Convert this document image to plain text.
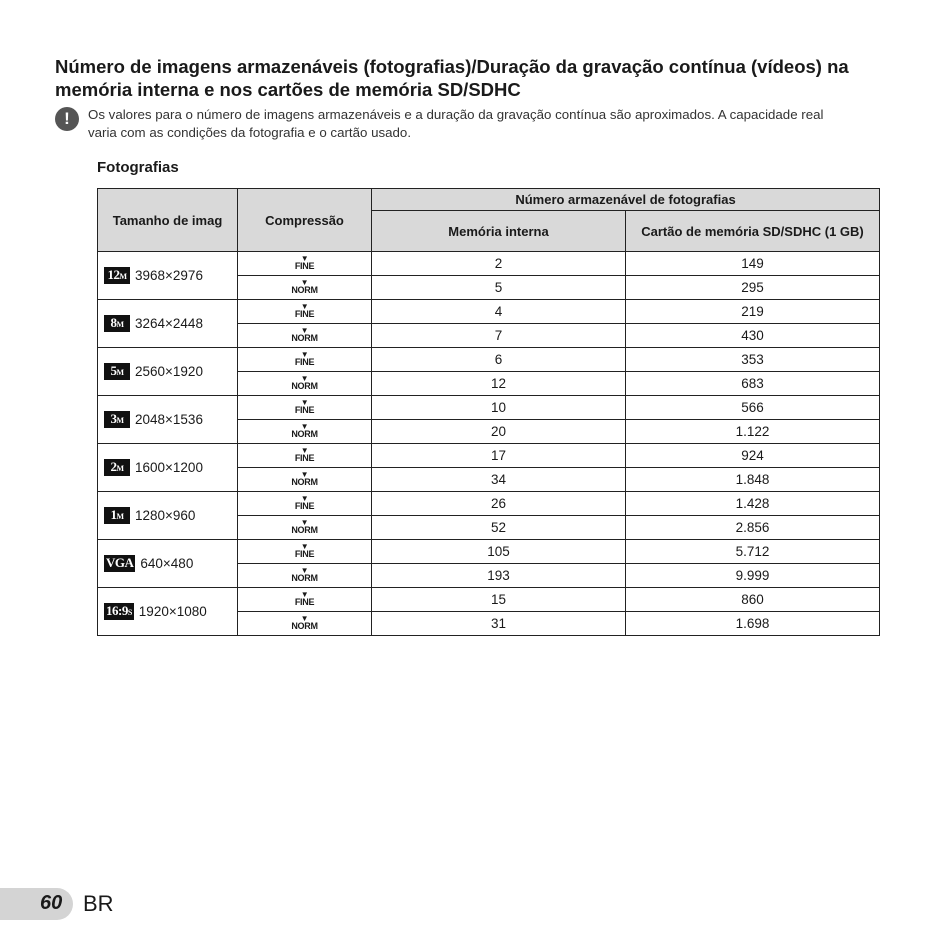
Número de imagens armazenáveis (fotografias)/Duração da gravação contínua (vídeos) na memória interna e nos cartões de memória SD/SDHC
!	Os valores para o número de imagens armazenáveis e a duração da gravação contínua são aproximados. A capacidade real varia com as condições da fotografia e o cartão usado.
Fotografias
Tamanho de imag	Compressão	Número armazenável de fotografias	
		Memória interna	Cartão de memória SD/SDHC (1 GB)
12M 3968×2976	▼ FINE	2	149
	▼ NORM	5	295
8M 3264×2448	▼ FINE	4	219
	▼ NORM	7	430
5M 2560×1920	▼ FINE	6	353
	▼ NORM	12	683
3M 2048×1536	▼ FINE	10	566
	▼ NORM	20	1.122
2M 1600×1200	▼ FINE	17	924
	▼ NORM	34	1.848
1M 1280×960	▼ FINE	26	1.428
	▼ NORM	52	2.856
VGA 640×480	▼ FINE	105	5.712
	▼ NORM	193	9.999
16:9S 1920×1080	▼ FINE	15	860
	▼ NORM	31	1.698
60 BR
